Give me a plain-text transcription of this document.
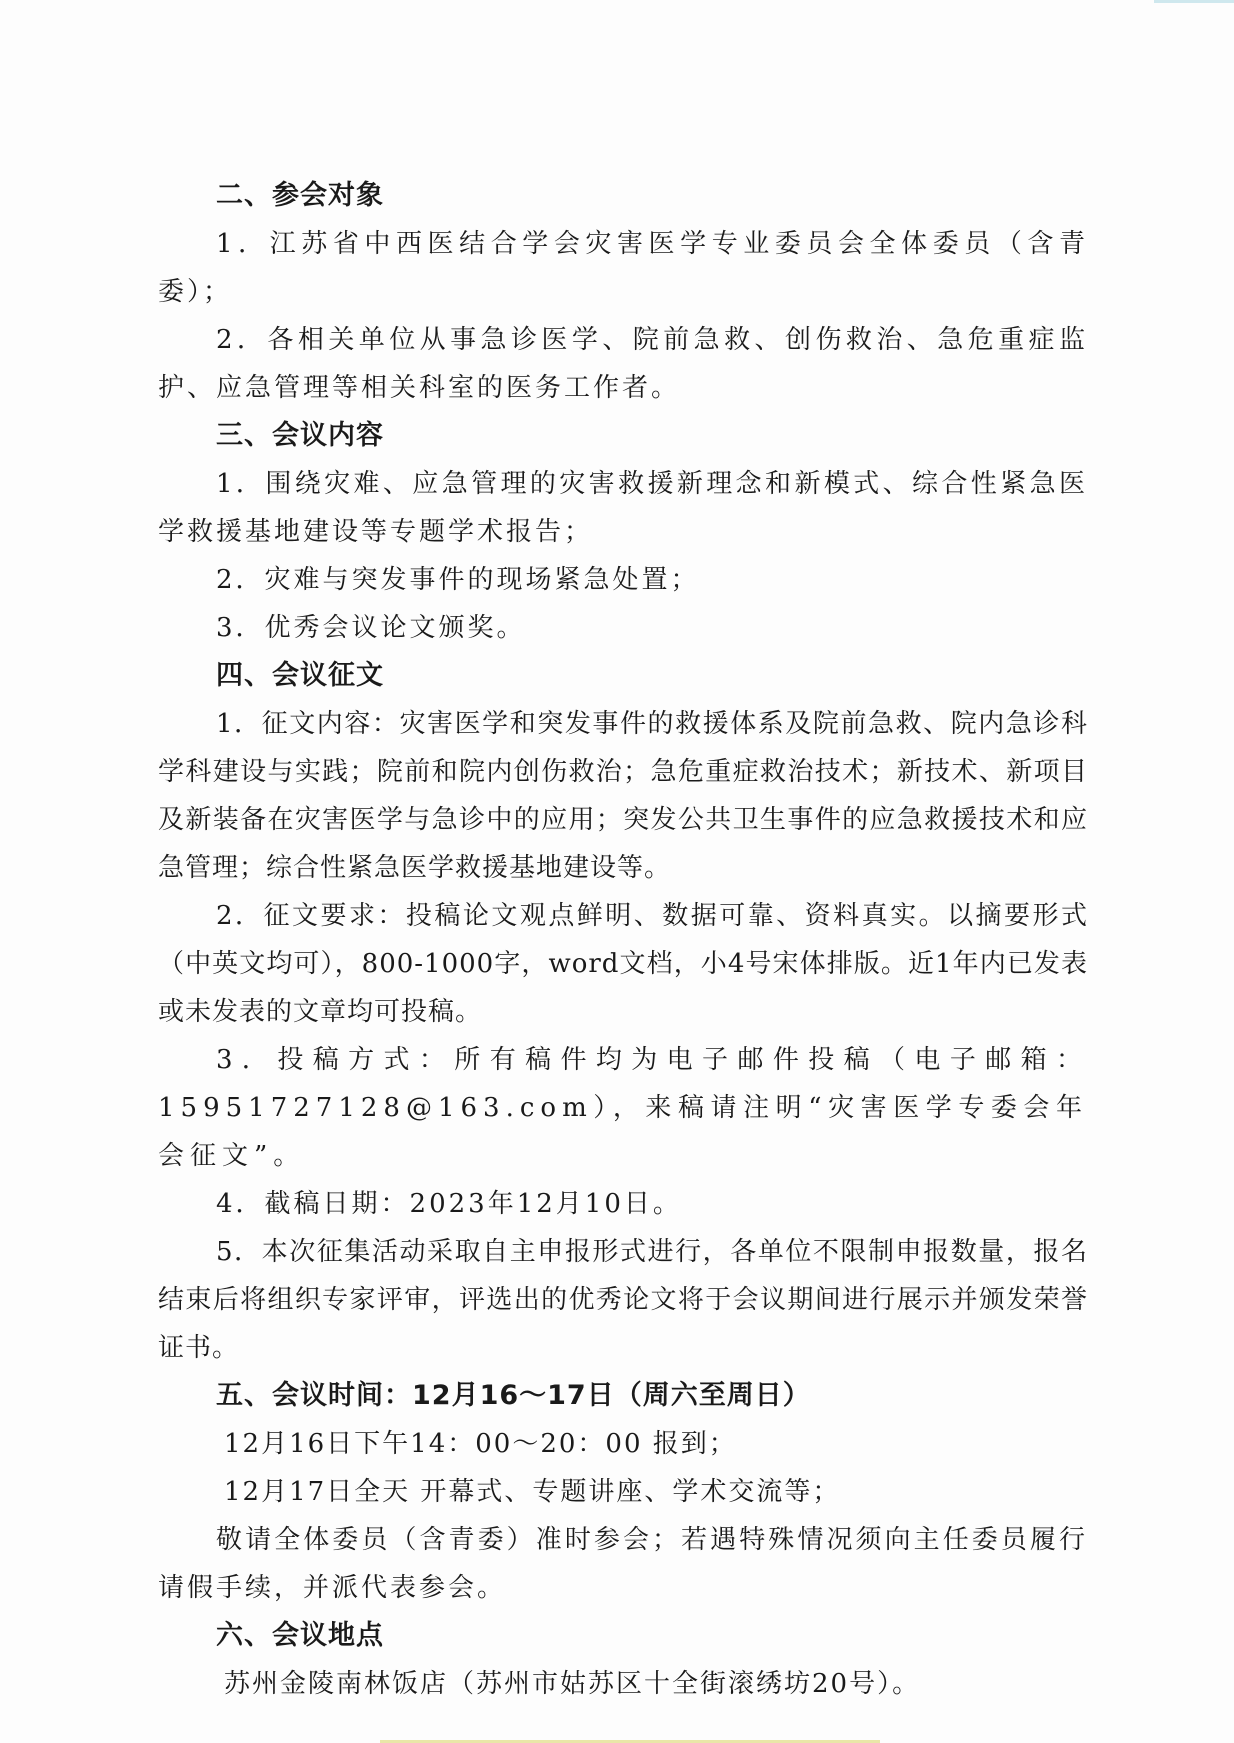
二、参会对象

1．江苏省中西医结合学会灾害医学专业委员会全体委员（含青委）；

2．各相关单位从事急诊医学、院前急救、创伤救治、急危重症监护、应急管理等相关科室的医务工作者。

三、会议内容

1．围绕灾难、应急管理的灾害救援新理念和新模式、综合性紧急医学救援基地建设等专题学术报告；

2．灾难与突发事件的现场紧急处置；

3．优秀会议论文颁奖。

四、会议征文

1．征文内容：灾害医学和突发事件的救援体系及院前急救、院内急诊科学科建设与实践；院前和院内创伤救治；急危重症救治技术；新技术、新项目及新装备在灾害医学与急诊中的应用；突发公共卫生事件的应急救援技术和应急管理；综合性紧急医学救援基地建设等。

2．征文要求：投稿论文观点鲜明、数据可靠、资料真实。以摘要形式（中英文均可），800-1000字，word文档，小4号宋体排版。近1年内已发表或未发表的文章均可投稿。

3．投稿方式：所有稿件均为电子邮件投稿（电子邮箱：15951727128@163.com），来稿请注明“灾害医学专委会年会征文”。

4．截稿日期：2023年12月10日。

5．本次征集活动采取自主申报形式进行，各单位不限制申报数量，报名结束后将组织专家评审，评选出的优秀论文将于会议期间进行展示并颁发荣誉证书。

五、会议时间：12月16～17日（周六至周日）
12月16日下午14：00～20：00 报到；
12月17日全天 开幕式、专题讲座、学术交流等；

敬请全体委员（含青委）准时参会；若遇特殊情况须向主任委员履行请假手续，并派代表参会。

六、会议地点
苏州金陵南林饭店（苏州市姑苏区十全街滚绣坊20号）。
